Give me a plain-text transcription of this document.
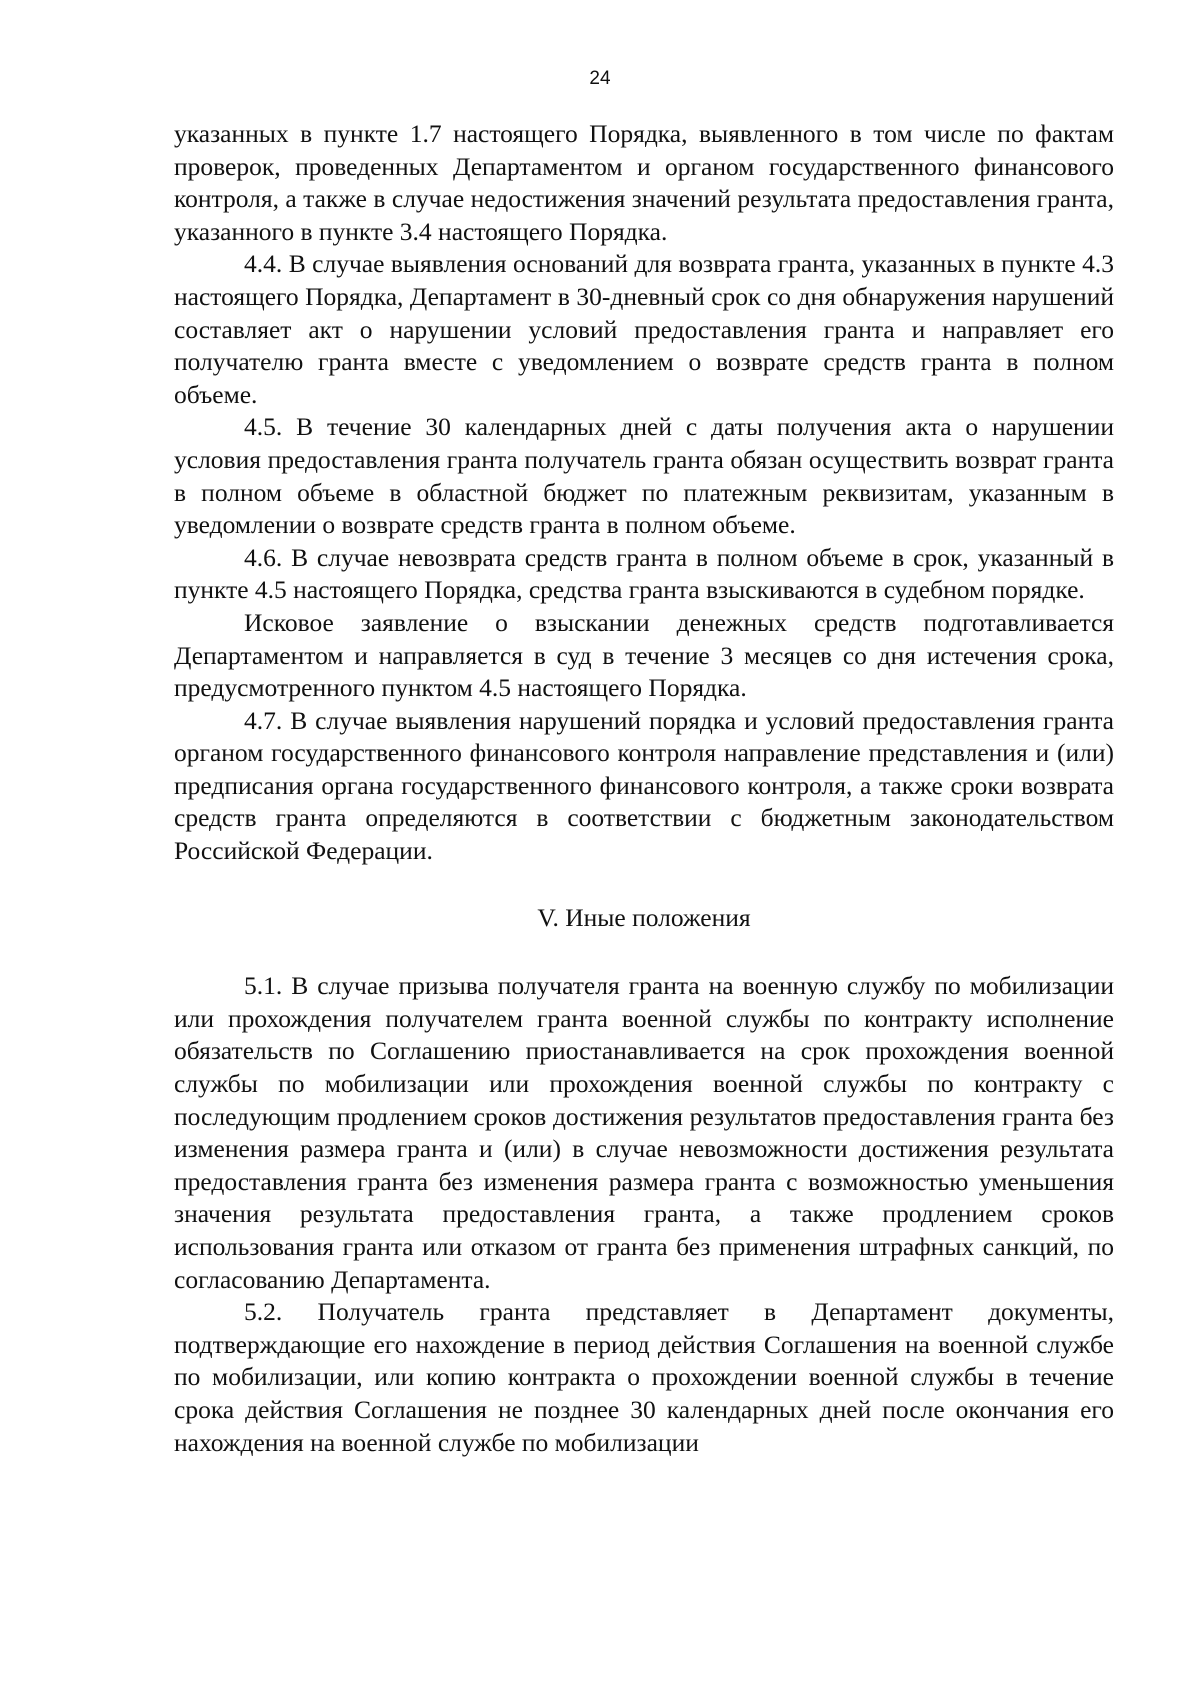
24

указанных в пункте 1.7 настоящего Порядка, выявленного в том числе по фактам проверок, проведенных Департаментом и органом государственного финансового контроля, а также в случае недостижения значений результата предоставления гранта, указанного в пункте 3.4 настоящего Порядка.

4.4. В случае выявления оснований для возврата гранта, указанных в пункте 4.3 настоящего Порядка, Департамент в 30-дневный срок со дня обнаружения нарушений составляет акт о нарушении условий предоставления гранта и направляет его получателю гранта вместе с уведомлением о возврате средств гранта в полном объеме.

4.5. В течение 30 календарных дней с даты получения акта о нарушении условия предоставления гранта получатель гранта обязан осуществить возврат гранта в полном объеме в областной бюджет по платежным реквизитам, указанным в уведомлении о возврате средств гранта в полном объеме.

4.6. В случае невозврата средств гранта в полном объеме в срок, указанный в пункте 4.5 настоящего Порядка, средства гранта взыскиваются в судебном порядке.

Исковое заявление о взыскании денежных средств подготавливается Департаментом и направляется в суд в течение 3 месяцев со дня истечения срока, предусмотренного пунктом 4.5 настоящего Порядка.

4.7. В случае выявления нарушений порядка и условий предоставления гранта органом государственного финансового контроля направление представления и (или) предписания органа государственного финансового контроля, а также сроки возврата средств гранта определяются в соответствии с бюджетным законодательством Российской Федерации.

V. Иные положения

5.1. В случае призыва получателя гранта на военную службу по мобилизации или прохождения получателем гранта военной службы по контракту исполнение обязательств по Соглашению приостанавливается на срок прохождения военной службы по мобилизации или прохождения военной службы по контракту с последующим продлением сроков достижения результатов предоставления гранта без изменения размера гранта и (или) в случае невозможности достижения результата предоставления гранта без изменения размера гранта с возможностью уменьшения значения результата предоставления гранта, а также продлением сроков использования гранта или отказом от гранта без применения штрафных санкций, по согласованию Департамента.

5.2. Получатель гранта представляет в Департамент документы, подтверждающие его нахождение в период действия Соглашения на военной службе по мобилизации, или копию контракта о прохождении военной службы в течение срока действия Соглашения не позднее 30 календарных дней после окончания его нахождения на военной службе по мобилизации
